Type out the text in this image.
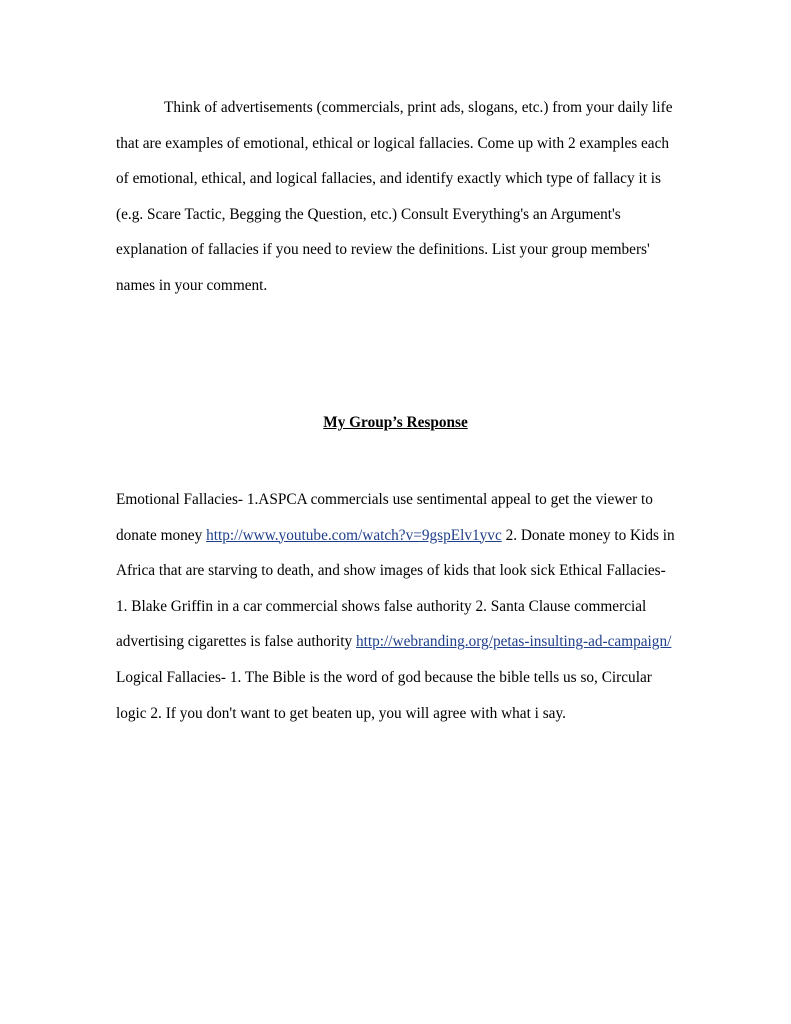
Think of advertisements (commercials, print ads, slogans, etc.) from your daily life that are examples of emotional, ethical or logical fallacies. Come up with 2 examples each of emotional, ethical, and logical fallacies, and identify exactly which type of fallacy it is (e.g. Scare Tactic, Begging the Question, etc.) Consult Everything's an Argument's explanation of fallacies if you need to review the definitions. List your group members' names in your comment.

My Group’s Response

Emotional Fallacies- 1.ASPCA commercials use sentimental appeal to get the viewer to donate money http://www.youtube.com/watch?v=9gspElv1yvc 2. Donate money to Kids in Africa that are starving to death, and show images of kids that look sick Ethical Fallacies- 1. Blake Griffin in a car commercial shows false authority 2. Santa Clause commercial advertising cigarettes is false authority http://webranding.org/petas-insulting-ad-campaign/ Logical Fallacies- 1. The Bible is the word of god because the bible tells us so, Circular logic 2. If you don't want to get beaten up, you will agree with what i say.
